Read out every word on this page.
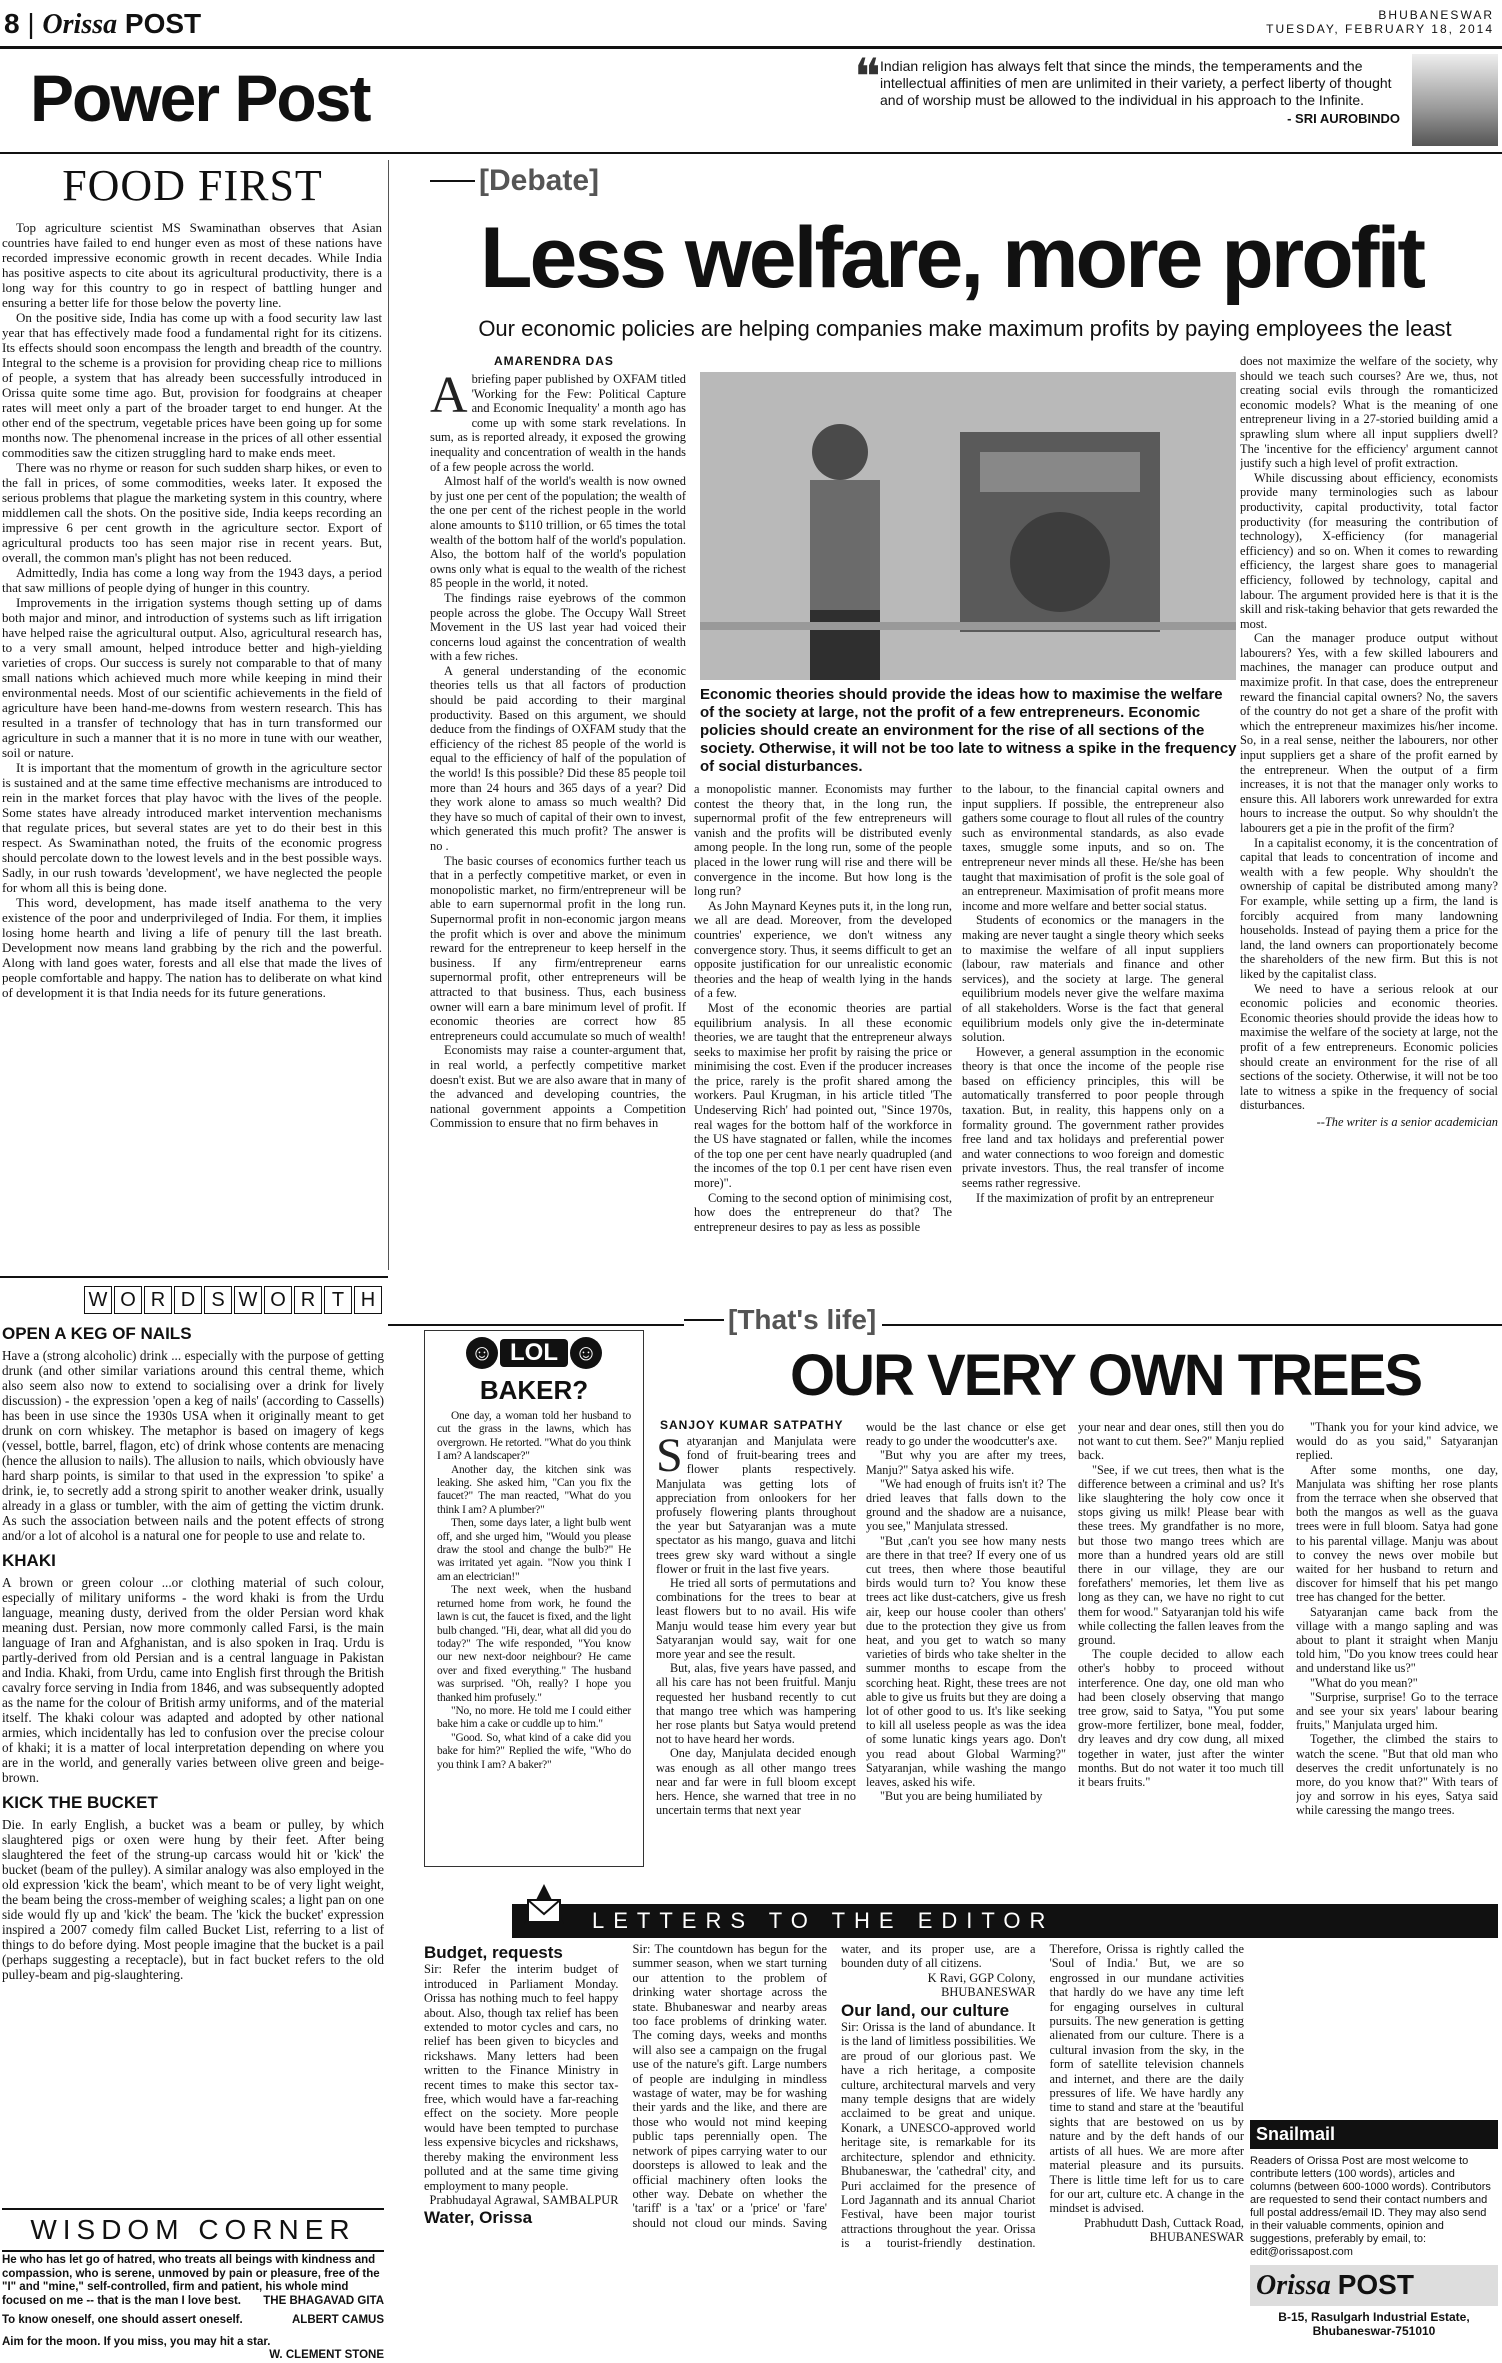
8 | Orissa POST	BHUBANESWAR
TUESDAY, FEBRUARY 18, 2014
Power Post	❝ Indian religion has always felt that since the minds, the temperaments and the intellectual affinities of men are unlimited in their variety, a perfect liberty of thought and of worship must be allowed to the individual in his approach to the Infinite.
- SRI AUROBINDO
FOOD FIRST

Top agriculture scientist MS Swaminathan observes that Asian countries have failed to end hunger even as most of these nations have recorded impressive economic growth in recent decades. While India has positive aspects to cite about its agricultural productivity, there is a long way for this country to go in respect of battling hunger and ensuring a better life for those below the poverty line.

On the positive side, India has come up with a food security law last year that has effectively made food a fundamental right for its citizens. Its effects should soon encompass the length and breadth of the country. Integral to the scheme is a provision for providing cheap rice to millions of people, a system that has already been successfully introduced in Orissa quite some time ago. But, provision for foodgrains at cheaper rates will meet only a part of the broader target to end hunger. At the other end of the spectrum, vegetable prices have been going up for some months now. The phenomenal increase in the prices of all other essential commodities saw the citizen struggling hard to make ends meet.

There was no rhyme or reason for such sudden sharp hikes, or even to the fall in prices, of some commodities, weeks later. It exposed the serious problems that plague the marketing system in this country, where middlemen call the shots. On the positive side, India keeps recording an impressive 6 per cent growth in the agriculture sector. Export of agricultural products too has seen major rise in recent years. But, overall, the common man's plight has not been reduced.

Admittedly, India has come a long way from the 1943 days, a period that saw millions of people dying of hunger in this country.

Improvements in the irrigation systems though setting up of dams both major and minor, and introduction of systems such as lift irrigation have helped raise the agricultural output. Also, agricultural research has, to a very small amount, helped introduce better and high-yielding varieties of crops. Our success is surely not comparable to that of many small nations which achieved much more while keeping in mind their environmental needs. Most of our scientific achievements in the field of agriculture have been hand-me-downs from western research. This has resulted in a transfer of technology that has in turn transformed our agriculture in such a manner that it is no more in tune with our weather, soil or nature.

It is important that the momentum of growth in the agriculture sector is sustained and at the same time effective mechanisms are introduced to rein in the market forces that play havoc with the lives of the people. Some states have already introduced market intervention mechanisms that regulate prices, but several states are yet to do their best in this respect. As Swaminathan noted, the fruits of the economic progress should percolate down to the lowest levels and in the best possible ways. Sadly, in our rush towards 'development', we have neglected the people for whom all this is being done.

This word, development, has made itself anathema to the very existence of the poor and underprivileged of India. For them, it implies losing home hearth and living a life of penury till the last breath. Development now means land grabbing by the rich and the powerful. Along with land goes water, forests and all else that made the lives of people comfortable and happy. The nation has to deliberate on what kind of development it is that India needs for its future generations.

W O R D S W O R T H
OPEN A KEG OF NAILS
Have a (strong alcoholic) drink ... especially with the purpose of getting drunk (and other similar variations around this central theme, which also seem also now to extend to socialising over a drink for lively discussion) - the expression 'open a keg of nails' (according to Cassells) has been in use since the 1930s USA when it originally meant to get drunk on corn whiskey. The metaphor is based on imagery of kegs (vessel, bottle, barrel, flagon, etc) of drink whose contents are menacing (hence the allusion to nails). The allusion to nails, which obviously have hard sharp points, is similar to that used in the expression 'to spike' a drink, ie, to secretly add a strong spirit to another weaker drink, usually already in a glass or tumbler, with the aim of getting the victim drunk. As such the association between nails and the potent effects of strong and/or a lot of alcohol is a natural one for people to use and relate to.
KHAKI
A brown or green colour ...or clothing material of such colour, especially of military uniforms - the word khaki is from the Urdu language, meaning dusty, derived from the older Persian word khak meaning dust. Persian, now more commonly called Farsi, is the main language of Iran and Afghanistan, and is also spoken in Iraq. Urdu is partly-derived from old Persian and is a central language in Pakistan and India. Khaki, from Urdu, came into English first through the British cavalry force serving in India from 1846, and was subsequently adopted as the name for the colour of British army uniforms, and of the material itself. The khaki colour was adapted and adopted by other national armies, which incidentally has led to confusion over the precise colour of khaki; it is a matter of local interpretation depending on where you are in the world, and generally varies between olive green and beige-brown.
KICK THE BUCKET
Die. In early English, a bucket was a beam or pulley, by which slaughtered pigs or oxen were hung by their feet. After being slaughtered the feet of the strung-up carcass would hit or 'kick' the bucket (beam of the pulley). A similar analogy was also employed in the old expression 'kick the beam', which meant to be of very light weight, the beam being the cross-member of weighing scales; a light pan on one side would fly up and 'kick' the beam. The 'kick the bucket' expression inspired a 2007 comedy film called Bucket List, referring to a list of things to do before dying. Most people imagine that the bucket is a pail (perhaps suggesting a receptacle), but in fact bucket refers to the old pulley-beam and pig-slaughtering.
WISDOM CORNER
He who has let go of hatred, who treats all beings with kindness and compassion, who is serene, unmoved by pain or pleasure, free of the "I" and "mine," self-controlled, firm and patient, his whole mind focused on me -- that is the man I love best. THE BHAGAVAD GITA
To know oneself, one should assert oneself.	ALBERT CAMUS
Aim for the moon. If you miss, you may hit a star.
W. CLEMENT STONE
[Debate]
Less welfare, more profit
Our economic policies are helping companies make maximum profits by paying employees the least
AMARENDRA DAS

A briefing paper published by OXFAM titled 'Working for the Few: Political Capture and Economic Inequality' a month ago has come up with some stark revelations. In sum, as is reported already, it exposed the growing inequality and concentration of wealth in the hands of a few people across the world.

Almost half of the world's wealth is now owned by just one per cent of the population; the wealth of the one per cent of the richest people in the world alone amounts to $110 trillion, or 65 times the total wealth of the bottom half of the world's population. Also, the bottom half of the world's population owns only what is equal to the wealth of the richest 85 people in the world, it noted.

The findings raise eyebrows of the common people across the globe. The Occupy Wall Street Movement in the US last year had voiced their concerns loud against the concentration of wealth with a few riches.

A general understanding of the economic theories tells us that all factors of production should be paid according to their marginal productivity. Based on this argument, we should deduce from the findings of OXFAM study that the efficiency of the richest 85 people of the world is equal to the efficiency of half of the population of the world! Is this possible? Did these 85 people toil more than 24 hours and 365 days of a year? Did they work alone to amass so much wealth? Did they have so much of capital of their own to invest, which generated this much profit? The answer is no .

The basic courses of economics further teach us that in a perfectly competitive market, or even in monopolistic market, no firm/entrepreneur will be able to earn supernormal profit in the long run. Supernormal profit in non-economic jargon means the profit which is over and above the minimum reward for the entrepreneur to keep herself in the business. If any firm/entrepreneur earns supernormal profit, other entrepreneurs will be attracted to that business. Thus, each business owner will earn a bare minimum level of profit. If economic theories are correct how 85 entrepreneurs could accumulate so much of wealth!

Economists may raise a counter-argument that, in real world, a perfectly competitive market doesn't exist. But we are also aware that in many of the advanced and developing countries, the national government appoints a Competition Commission to ensure that no firm behaves in

Economic theories should provide the ideas how to maximise the welfare of the society at large, not the profit of a few entrepreneurs. Economic policies should create an environment for the rise of all sections of the society. Otherwise, it will not be too late to witness a spike in the frequency of social disturbances.

a monopolistic manner. Economists may further contest the theory that, in the long run, the supernormal profit of the few entrepreneurs will vanish and the profits will be distributed evenly among people. In the long run, some of the people placed in the lower rung will rise and there will be convergence in the income. But how long is the long run?

As John Maynard Keynes puts it, in the long run, we all are dead. Moreover, from the developed countries' experience, we don't witness any convergence story. Thus, it seems difficult to get an opposite justification for our unrealistic economic theories and the heap of wealth lying in the hands of a few.

Most of the economic theories are partial equilibrium analysis. In all these economic theories, we are taught that the entrepreneur always seeks to maximise her profit by raising the price or minimising the cost. Even if the producer increases the price, rarely is the profit shared among the workers. Paul Krugman, in his article titled 'The Undeserving Rich' had pointed out, "Since 1970s, real wages for the bottom half of the workforce in the US have stagnated or fallen, while the incomes of the top one per cent have nearly quadrupled (and the incomes of the top 0.1 per cent have risen even more)".

Coming to the second option of minimising cost, how does the entrepreneur do that? The entrepreneur desires to pay as less as possible

to the labour, to the financial capital owners and input suppliers. If possible, the entrepreneur also gathers some courage to flout all rules of the country such as environmental standards, as also evade taxes, smuggle some inputs, and so on. The entrepreneur never minds all these. He/she has been taught that maximisation of profit is the sole goal of an entrepreneur. Maximisation of profit means more income and more welfare and better social status.

Students of economics or the managers in the making are never taught a single theory which seeks to maximise the welfare of all input suppliers (labour, raw materials and finance and other services), and the society at large. The general equilibrium models never give the welfare maxima of all stakeholders. Worse is the fact that general equilibrium models only give the in-determinate solution.

However, a general assumption in the economic theory is that once the income of the people rise based on efficiency principles, this will be automatically transferred to poor people through taxation. But, in reality, this happens only on a formality ground. The government rather provides free land and tax holidays and preferential power and water connections to woo foreign and domestic private investors. Thus, the real transfer of income seems rather regressive.

If the maximization of profit by an entrepreneur

does not maximize the welfare of the society, why should we teach such courses? Are we, thus, not creating social evils through the romanticized economic models? What is the meaning of one entrepreneur living in a 27-storied building amid a sprawling slum where all input suppliers dwell? The 'incentive for the efficiency' argument cannot justify such a high level of profit extraction.

While discussing about efficiency, economists provide many terminologies such as labour productivity, capital productivity, total factor productivity (for measuring the contribution of technology), X-efficiency (for managerial efficiency) and so on. When it comes to rewarding efficiency, the largest share goes to managerial efficiency, followed by technology, capital and labour. The argument provided here is that it is the skill and risk-taking behavior that gets rewarded the most.

Can the manager produce output without labourers? Yes, with a few skilled labourers and machines, the manager can produce output and maximize profit. In that case, does the entrepreneur reward the financial capital owners? No, the savers of the country do not get a share of the profit with which the entrepreneur maximizes his/her income. So, in a real sense, neither the labourers, nor other input suppliers get a share of the profit earned by the entrepreneur. When the output of a firm increases, it is not that the manager only works to ensure this. All laborers work unrewarded for extra hours to increase the output. So why shouldn't the labourers get a pie in the profit of the firm?

In a capitalist economy, it is the concentration of capital that leads to concentration of income and wealth with a few people. Why shouldn't the ownership of capital be distributed among many? For example, while setting up a firm, the land is forcibly acquired from many landowning households. Instead of paying them a price for the land, the land owners can proportionately become the shareholders of the new firm. But this is not liked by the capitalist class.

We need to have a serious relook at our economic policies and economic theories. Economic theories should provide the ideas how to maximise the welfare of the society at large, not the profit of a few entrepreneurs. Economic policies should create an environment for the rise of all sections of the society. Otherwise, it will not be too late to witness a spike in the frequency of social disturbances.

--The writer is a senior academician
☺ LOL ☺
BAKER?

One day, a woman told her husband to cut the grass in the lawns, which has overgrown. He retorted. "What do you think I am? A landscaper?"

Another day, the kitchen sink was leaking. She asked him, "Can you fix the faucet?" The man reacted, "What do you think I am? A plumber?"

Then, some days later, a light bulb went off, and she urged him, "Would you please draw the stool and change the bulb?" He was irritated yet again. "Now you think I am an electrician!"

The next week, when the husband returned home from work, he found the lawn is cut, the faucet is fixed, and the light bulb changed. "Hi, dear, what all did you do today?" The wife responded, "You know our new next-door neighbour? He came over and fixed everything." The husband was surprised. "Oh, really? I hope you thanked him profusely."

"No, no more. He told me I could either bake him a cake or cuddle up to him."

"Good. So, what kind of a cake did you bake for him?" Replied the wife, "Who do you think I am? A baker?"

[That's life]
OUR VERY OWN TREES
SANJOY KUMAR SATPATHY

Satyaranjan and Manjulata were fond of fruit-bearing trees and flower plants respectively. Manjulata was getting lots of appreciation from onlookers for her profusely flowering plants throughout the year but Satyaranjan was a mute spectator as his mango, guava and litchi trees grew sky ward without a single flower or fruit in the last five years.

He tried all sorts of permutations and combinations for the trees to bear at least flowers but to no avail. His wife Manju would tease him every year but Satyaranjan would say, wait for one more year and see the result.

But, alas, five years have passed, and all his care has not been fruitful. Manju requested her husband recently to cut that mango tree which was hampering her rose plants but Satya would pretend not to have heard her words.

One day, Manjulata decided enough was enough as all other mango trees near and far were in full bloom except hers. Hence, she warned that tree in no uncertain terms that next year

would be the last chance or else get ready to go under the woodcutter's axe.

"But why you are after my trees, Manju?" Satya asked his wife.

"We had enough of fruits isn't it? The dried leaves that falls down to the ground and the shadow are a nuisance, you see," Manjulata stressed.

"But ,can't you see how many nests are there in that tree? If every one of us cut trees, then where those beautiful birds would turn to? You know these trees act like dust-catchers, give us fresh air, keep our house cooler than others' due to the protection they give us from heat, and you get to watch so many varieties of birds who take shelter in the summer months to escape from the scorching heat. Right, these trees are not able to give us fruits but they are doing a lot of other good to us. It's like seeking to kill all useless people as was the idea of some lunatic kings years ago. Don't you read about Global Warming?" Satyaranjan, while washing the mango leaves, asked his wife.

"But you are being humiliated by

your near and dear ones, still then you do not want to cut them. See?" Manju replied back.

"See, if we cut trees, then what is the difference between a criminal and us? It's like slaughtering the holy cow once it stops giving us milk! Please bear with these trees. My grandfather is no more, but those two mango trees which are more than a hundred years old are still there in our village, they are our forefathers' memories, let them live as long as they can, we have no right to cut them for wood." Satyaranjan told his wife while collecting the fallen leaves from the ground.

The couple decided to allow each other's hobby to proceed without interference. One day, one old man who had been closely observing that mango tree grow, said to Satya, "You put some grow-more fertilizer, bone meal, fodder, dry leaves and dry cow dung, all mixed together in water, just after the winter months. But do not water it too much till it bears fruits."

"Thank you for your kind advice, we would do as you said," Satyaranjan replied.

After some months, one day, Manjulata was shifting her rose plants from the terrace when she observed that both the mangos as well as the guava trees were in full bloom. Satya had gone to his parental village. Manju was about to convey the news over mobile but waited for her husband to return and discover for himself that his pet mango tree has changed for the better.

Satyaranjan came back from the village with a mango sapling and was about to plant it straight when Manju told him, "Do you know trees could hear and understand like us?"

"What do you mean?"

"Surprise, surprise! Go to the terrace and see your six years' labour bearing fruits," Manjulata urged him.

Together, the climbed the stairs to watch the scene. "But that old man who deserves the credit unfortunately is no more, do you know that?" With tears of joy and sorrow in his eyes, Satya said while caressing the mango trees.

LETTERS TO THE EDITOR
Budget, requests
Sir: Refer the interim budget of introduced in Parliament Monday. Orissa has nothing much to feel happy about. Also, though tax relief has been extended to motor cycles and cars, no relief has been given to bicycles and rickshaws. Many letters had been written to the Finance Ministry in recent times to make this sector tax-free, which would have a far-reaching effect on the society. More people would have been tempted to purchase less expensive bicycles and rickshaws, thereby making the environment less polluted and at the same time giving employment to many people.
Prabhudayal Agrawal, SAMBALPUR
Water, Orissa
Sir: The countdown has begun for the summer season, when we start turning our attention to the problem of drinking water shortage across the state. Bhubaneswar and nearby areas too face problems of drinking water. The coming days, weeks and months will also see a campaign on the frugal use of the nature's gift. Large numbers of people are indulging in mindless wastage of water, may be for washing their yards and the like, and there are those who would not mind keeping public taps perennially open. The network of pipes carrying water to our doorsteps is allowed to leak and the official machinery often looks the other way. Debate on whether the 'tariff' is a 'tax' or a 'price' or 'fare' should not cloud our minds. Saving water, and its proper use, are a bounden duty of all citizens.
K Ravi, GGP Colony, BHUBANESWAR
Our land, our culture
Sir: Orissa is the land of abundance. It is the land of limitless possibilities. We are proud of our glorious past. We have a rich heritage, a composite culture, architectural marvels and very many temple designs that are widely acclaimed to be great and unique. Konark, a UNESCO-approved world heritage site, is remarkable for its architecture, splendor and ethnicity. Bhubaneswar, the 'cathedral' city, and Puri acclaimed for the presence of Lord Jagannath and its annual Chariot Festival, have been major tourist attractions throughout the year. Orissa is a tourist-friendly destination. Therefore, Orissa is rightly called the 'Soul of India.' But, we are so engrossed in our mundane activities that hardly do we have any time left for engaging ourselves in cultural pursuits. The new generation is getting alienated from our culture. There is a cultural invasion from the sky, in the form of satellite television channels and internet, and there are the daily pressures of life. We have hardly any time to stand and stare at the 'beautiful sights that are bestowed on us by nature and by the deft hands of our artists of all hues. We are more after material pleasure and its pursuits. There is little time left for us to care for our art, culture etc. A change in the mindset is advised.
Prabhudutt Dash, Cuttack Road, BHUBANESWAR
Snailmail
Readers of Orissa Post are most welcome to contribute letters (100 words), articles and columns (between 600-1000 words). Contributors are requested to send their contact numbers and full postal address/email ID. They may also send in their valuable comments, opinion and suggestions, preferably by email, to: edit@orissapost.com
Orissa POST
B-15, Rasulgarh Industrial Estate, Bhubaneswar-751010
